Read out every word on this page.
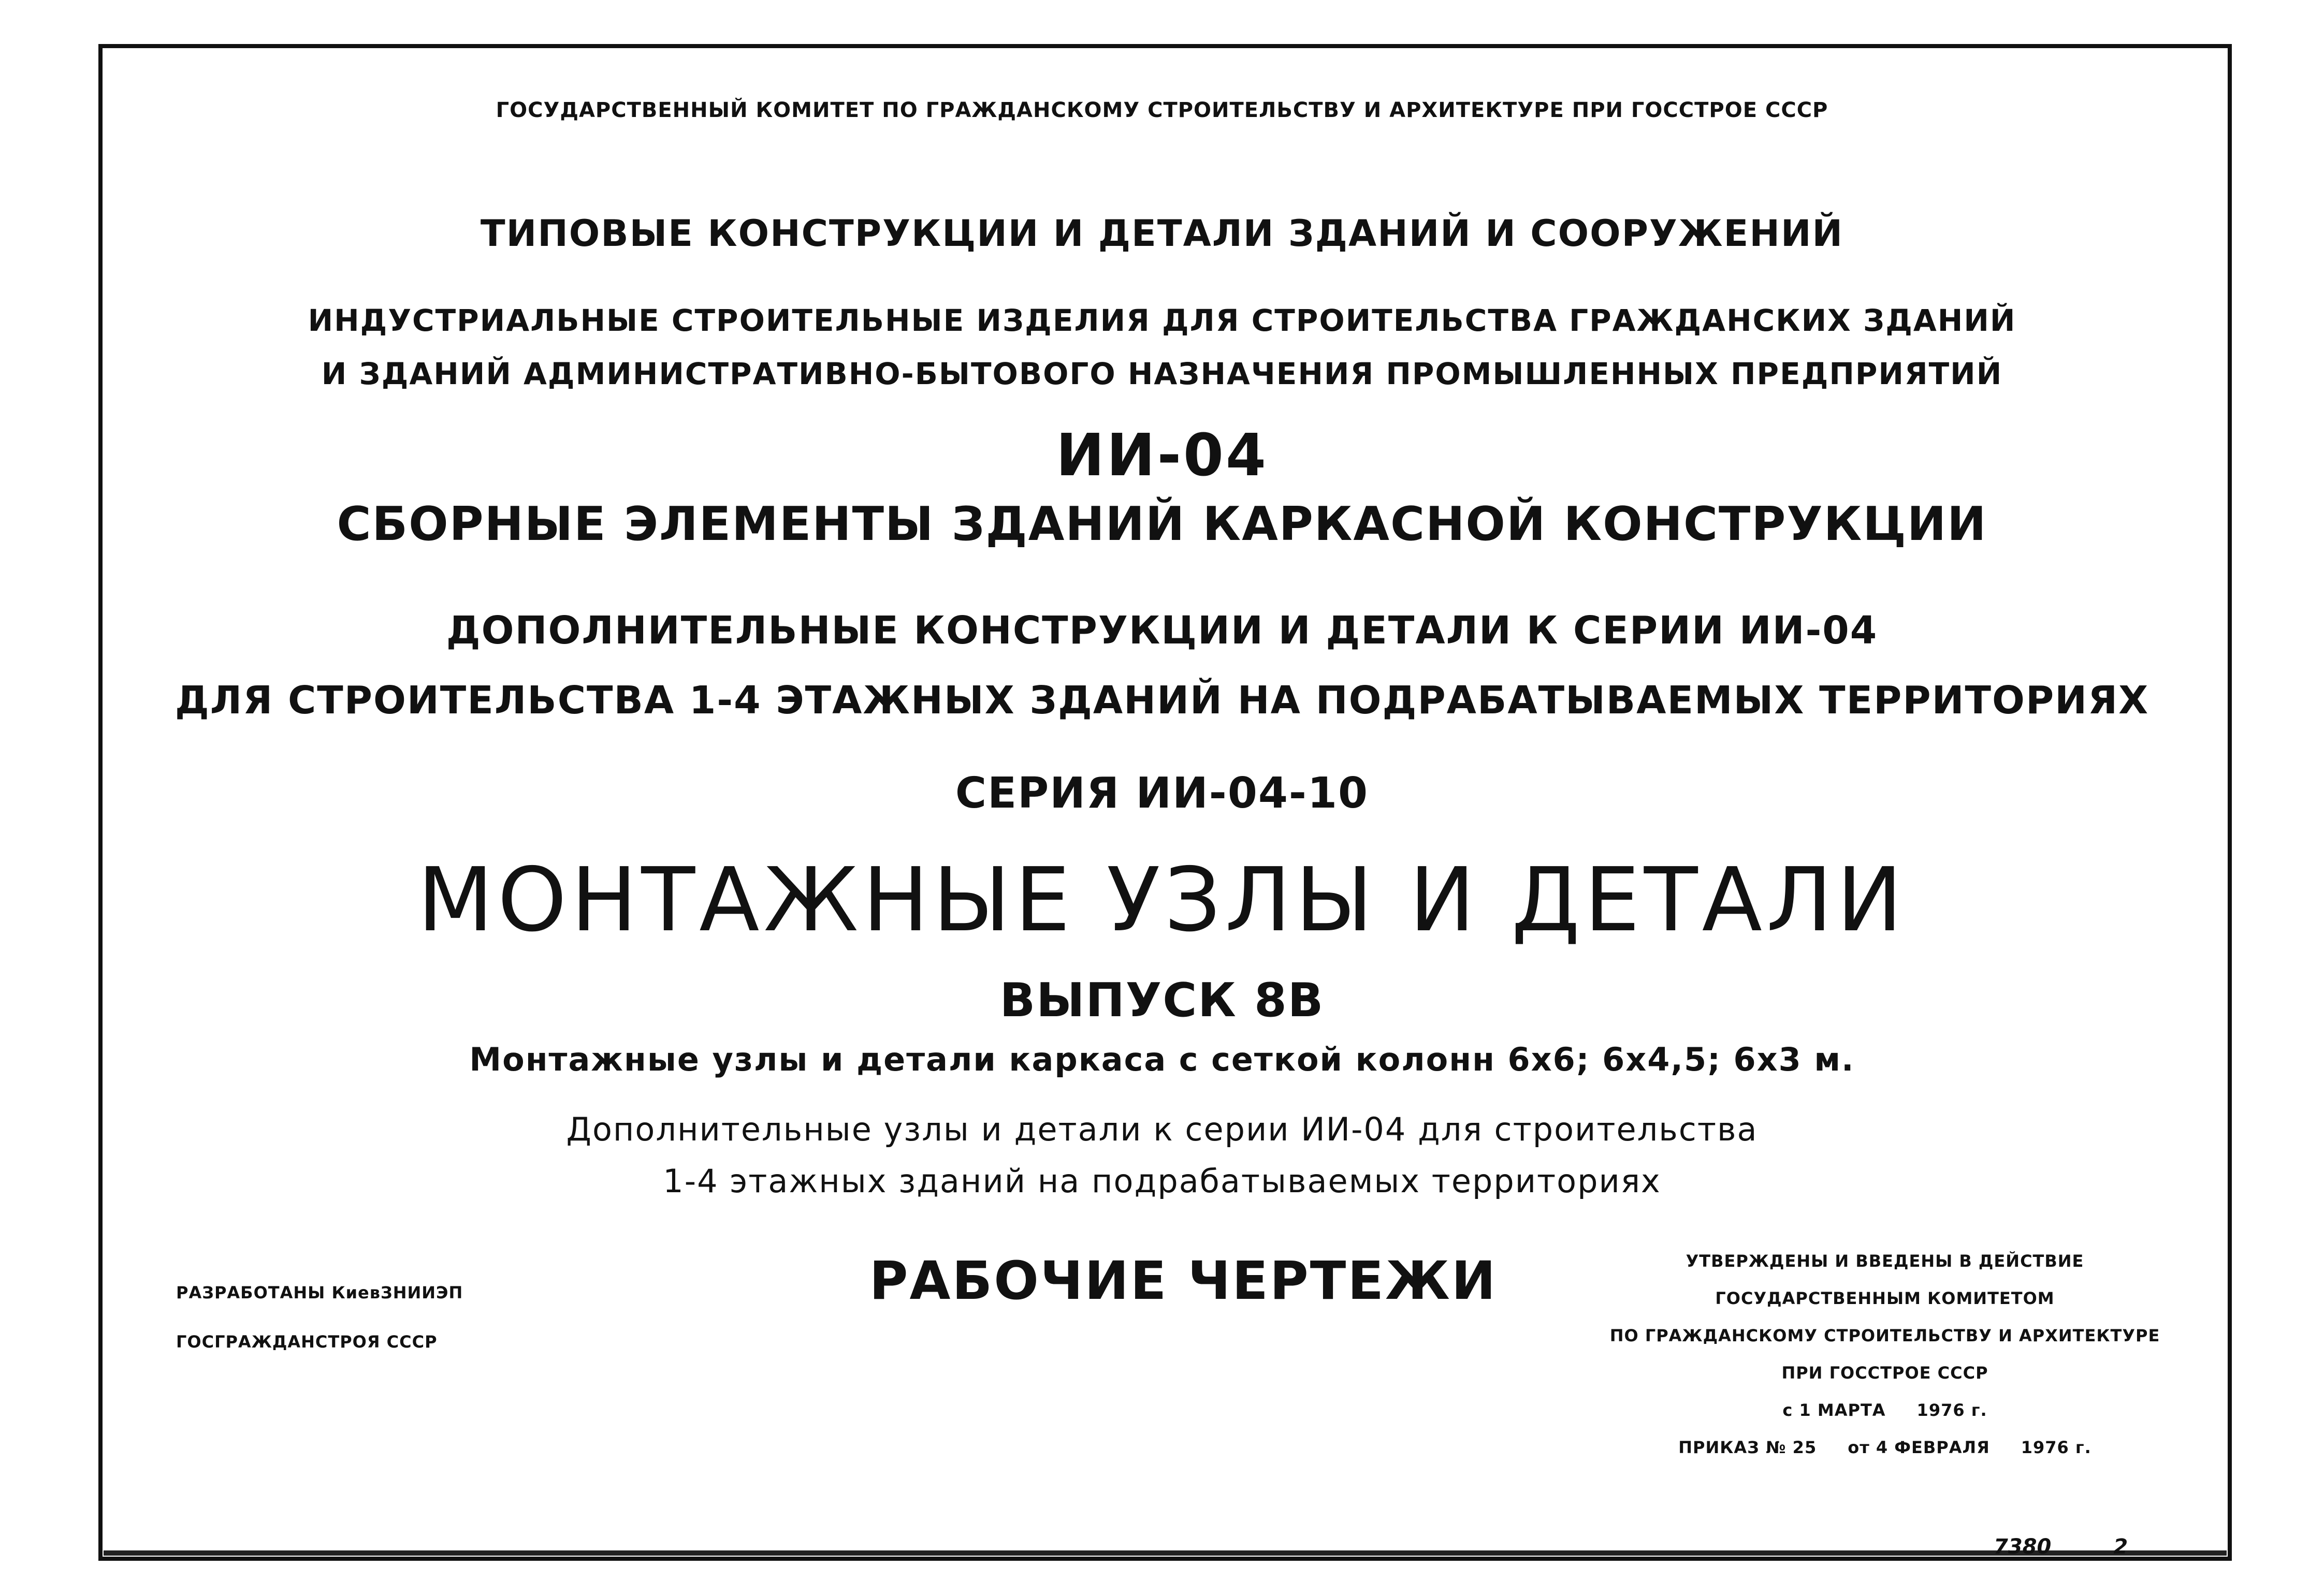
ГОСУДАРСТВЕННЫЙ КОМИТЕТ ПО ГРАЖДАНСКОМУ СТРОИТЕЛЬСТВУ И АРХИТЕКТУРЕ ПРИ ГОССТРОЕ СССР
ТИПОВЫЕ КОНСТРУКЦИИ И ДЕТАЛИ ЗДАНИЙ И СООРУЖЕНИЙ
ИНДУСТРИАЛЬНЫЕ СТРОИТЕЛЬНЫЕ ИЗДЕЛИЯ ДЛЯ СТРОИТЕЛЬСТВА ГРАЖДАНСКИХ ЗДАНИЙ
И ЗДАНИЙ АДМИНИСТРАТИВНО-БЫТОВОГО НАЗНАЧЕНИЯ ПРОМЫШЛЕННЫХ ПРЕДПРИЯТИЙ
ИИ-04
СБОРНЫЕ ЭЛЕМЕНТЫ ЗДАНИЙ КАРКАСНОЙ КОНСТРУКЦИИ
ДОПОЛНИТЕЛЬНЫЕ КОНСТРУКЦИИ И ДЕТАЛИ К СЕРИИ ИИ-04
ДЛЯ СТРОИТЕЛЬСТВА 1-4 ЭТАЖНЫХ ЗДАНИЙ НА ПОДРАБАТЫВАЕМЫХ ТЕРРИТОРИЯХ
СЕРИЯ ИИ-04-10
МОНТАЖНЫЕ УЗЛЫ И ДЕТАЛИ
ВЫПУСК 8В
Монтажные узлы и детали каркаса с сеткой колонн 6х6; 6х4,5; 6х3 м.
Дополнительные узлы и детали к серии ИИ-04 для строительства
1-4 этажных зданий на подрабатываемых территориях
РАЗРАБОТАНЫ КиевЗНИИЭП
ГОСГРАЖДАНСТРОЯ СССР
РАБОЧИЕ ЧЕРТЕЖИ	УТВЕРЖДЕНЫ И ВВЕДЕНЫ В ДЕЙСТВИЕ
ГОСУДАРСТВЕННЫМ КОМИТЕТОМ
ПО ГРАЖДАНСКОМУ СТРОИТЕЛЬСТВУ И АРХИТЕКТУРЕ
ПРИ ГОССТРОЕ СССР
с 1 МАРТА 1976 г.
ПРИКАЗ № 25 от 4 ФЕВРАЛЯ 1976 г.
7380	2
